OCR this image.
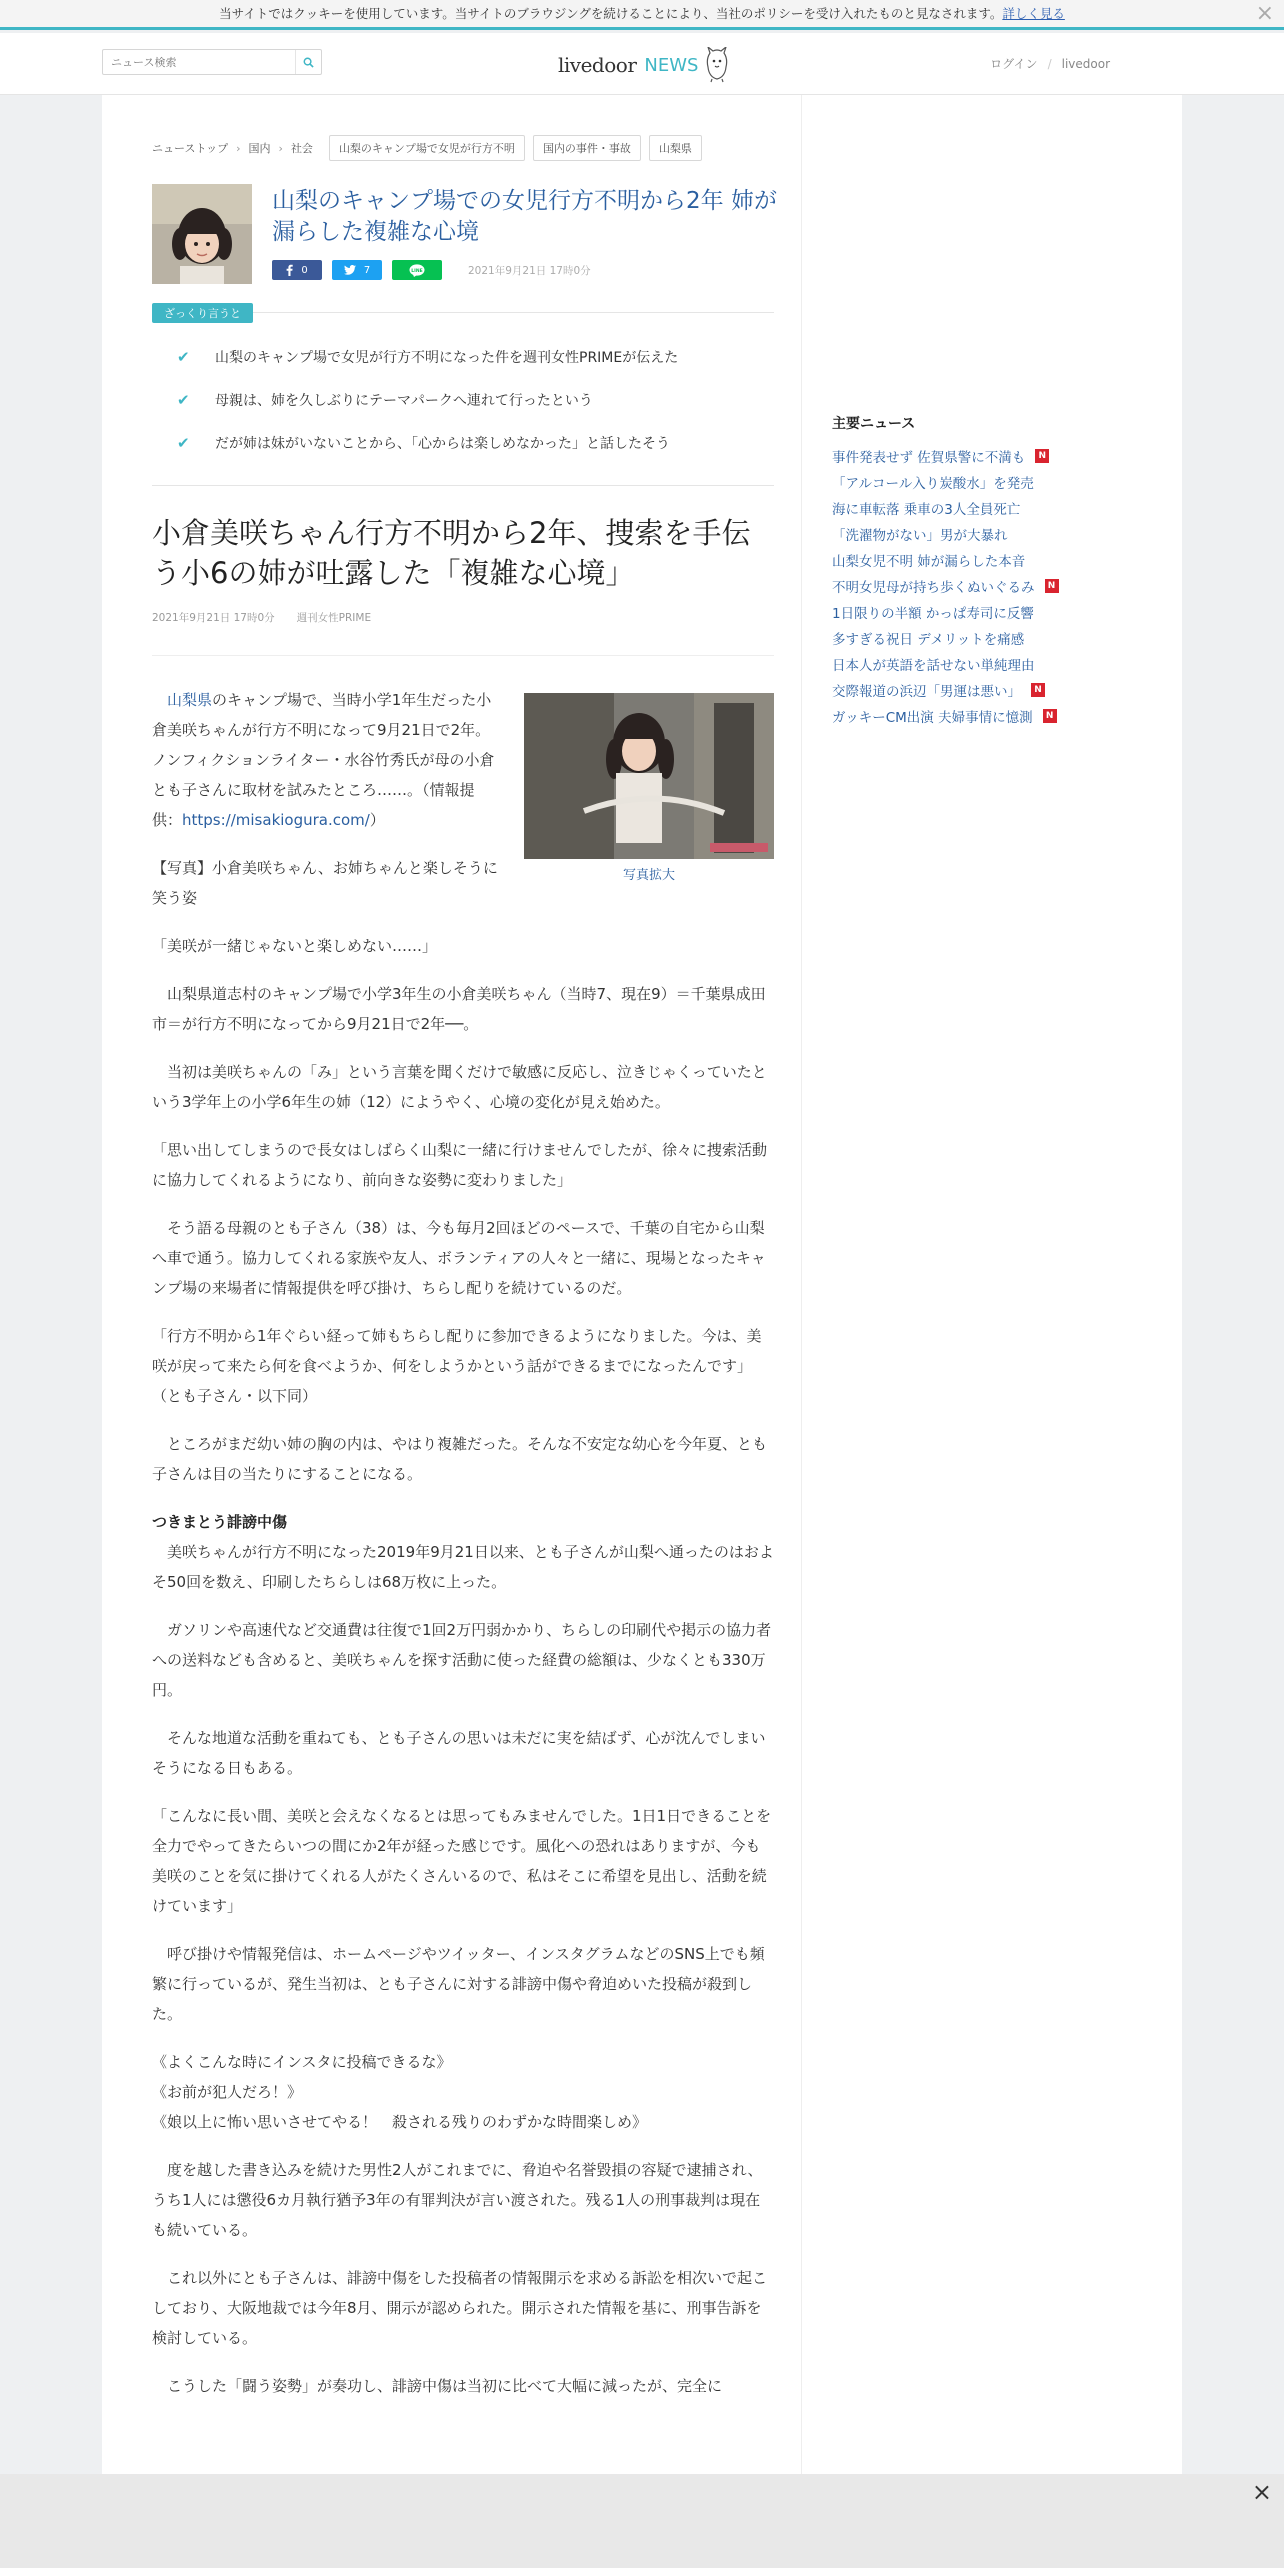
当サイトではクッキーを使用しています。当サイトのブラウジングを続けることにより、当社のポリシーを受け入れたものと見なされます。詳しく見る	×
ニュース検索
livedoor NEWS	ログイン / livedoor
ニューストップ › 国内 › 社会	山梨のキャンプ場で女児が行方不明	国内の事件・事故	山梨県
山梨のキャンプ場での女児行方不明から2年 姉が漏らした複雑な心境
0	7	LINE	2021年9月21日 17時0分
ざっくり言うと
✔ 山梨のキャンプ場で女児が行方不明になった件を週刊女性PRIMEが伝えた
✔ 母親は、姉を久しぶりにテーマパークへ連れて行ったという
✔ だが姉は妹がいないことから、「心からは楽しめなかった」と話したそう
小倉美咲ちゃん行方不明から2年、捜索を手伝う小6の姉が吐露した「複雑な心境」
2021年9月21日 17時0分 週刊女性PRIME
写真拡大

　山梨県のキャンプ場で、当時小学1年生だった小倉美咲ちゃんが行方不明になって9月21日で2年。ノンフィクションライター・水谷竹秀氏が母の小倉とも子さんに取材を試みたところ……。（情報提供：https://misakiogura.com/）

【写真】小倉美咲ちゃん、お姉ちゃんと楽しそうに笑う姿

「美咲が一緒じゃないと楽しめない……」

　山梨県道志村のキャンプ場で小学3年生の小倉美咲ちゃん（当時7、現在9）＝千葉県成田市＝が行方不明になってから9月21日で2年──。

　当初は美咲ちゃんの「み」という言葉を聞くだけで敏感に反応し、泣きじゃくっていたという3学年上の小学6年生の姉（12）にようやく、心境の変化が見え始めた。

「思い出してしまうので長女はしばらく山梨に一緒に行けませんでしたが、徐々に捜索活動に協力してくれるようになり、前向きな姿勢に変わりました」

　そう語る母親のとも子さん（38）は、今も毎月2回ほどのペースで、千葉の自宅から山梨へ車で通う。協力してくれる家族や友人、ボランティアの人々と一緒に、現場となったキャンプ場の来場者に情報提供を呼び掛け、ちらし配りを続けているのだ。

「行方不明から1年ぐらい経って姉もちらし配りに参加できるようになりました。今は、美咲が戻って来たら何を食べようか、何をしようかという話ができるまでになったんです」（とも子さん・以下同）

　ところがまだ幼い姉の胸の内は、やはり複雑だった。そんな不安定な幼心を今年夏、とも子さんは目の当たりにすることになる。

つきまとう誹謗中傷

　美咲ちゃんが行方不明になった2019年9月21日以来、とも子さんが山梨へ通ったのはおよそ50回を数え、印刷したちらしは68万枚に上った。

　ガソリンや高速代など交通費は往復で1回2万円弱かかり、ちらしの印刷代や掲示の協力者への送料なども含めると、美咲ちゃんを探す活動に使った経費の総額は、少なくとも330万円。

　そんな地道な活動を重ねても、とも子さんの思いは未だに実を結ばず、心が沈んでしまいそうになる日もある。

「こんなに長い間、美咲と会えなくなるとは思ってもみませんでした。1日1日できることを全力でやってきたらいつの間にか2年が経った感じです。風化への恐れはありますが、今も美咲のことを気に掛けてくれる人がたくさんいるので、私はそこに希望を見出し、活動を続けています」

　呼び掛けや情報発信は、ホームページやツイッター、インスタグラムなどのSNS上でも頻繁に行っているが、発生当初は、とも子さんに対する誹謗中傷や脅迫めいた投稿が殺到した。

《よくこんな時にインスタに投稿できるな》
《お前が犯人だろ！》
《娘以上に怖い思いさせてやる！　殺される残りのわずかな時間楽しめ》

　度を越した書き込みを続けた男性2人がこれまでに、脅迫や名誉毀損の容疑で逮捕され、うち1人には懲役6カ月執行猶予3年の有罪判決が言い渡された。残る1人の刑事裁判は現在も続いている。

　これ以外にとも子さんは、誹謗中傷をした投稿者の情報開示を求める訴訟を相次いで起こしており、大阪地裁では今年8月、開示が認められた。開示された情報を基に、刑事告訴を検討している。

　こうした「闘う姿勢」が奏功し、誹謗中傷は当初に比べて大幅に減ったが、完全に

主要ニュース
事件発表せず 佐賀県警に不満も	N
「アルコール入り炭酸水」を発売
海に車転落 乗車の3人全員死亡
「洗濯物がない」男が大暴れ
山梨女児不明 姉が漏らした本音
不明女児母が持ち歩くぬいぐるみ	N
1日限りの半額 かっぱ寿司に反響
多すぎる祝日 デメリットを痛感
日本人が英語を話せない単純理由
交際報道の浜辺「男運は悪い」	N
ガッキーCM出演 夫婦事情に憶測	N
×
